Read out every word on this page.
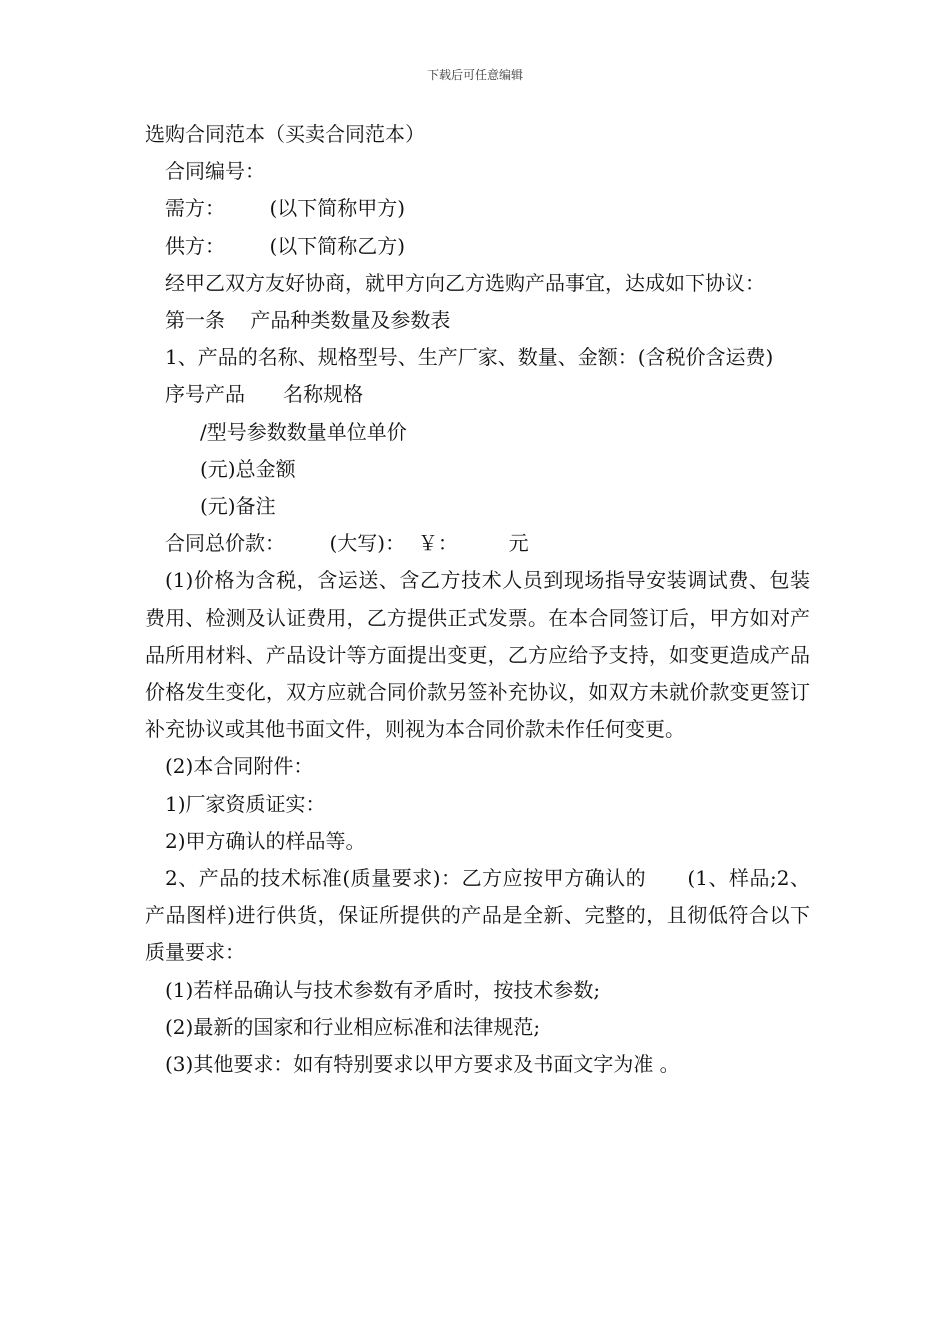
下载后可任意编辑

选购合同范本（买卖合同范本）

合同编号：

需方：       (以下简称甲方)

供方：       (以下简称乙方)

经甲乙双方友好协商，就甲方向乙方选购产品事宜，达成如下协议：

第一条    产品种类数量及参数表

1、产品的名称、规格型号、生产厂家、数量、金额：(含税价含运费)

序号产品      名称规格

/型号参数数量单位单价

(元)总金额

(元)备注

合同总价款：       (大写)：  ￥：        元

(1)价格为含税，含运送、含乙方技术人员到现场指导安装调试费、包装费用、检测及认证费用，乙方提供正式发票。在本合同签订后，甲方如对产品所用材料、产品设计等方面提出变更，乙方应给予支持，如变更造成产品价格发生变化，双方应就合同价款另签补充协议，如双方未就价款变更签订补充协议或其他书面文件，则视为本合同价款未作任何变更。

(2)本合同附件：

1)厂家资质证实：

2)甲方确认的样品等。

2、产品的技术标准(质量要求)：乙方应按甲方确认的      (1、样品;2、产品图样)进行供货，保证所提供的产品是全新、完整的，且彻低符合以下质量要求：

(1)若样品确认与技术参数有矛盾时，按技术参数;

(2)最新的国家和行业相应标准和法律规范;

(3)其他要求：如有特别要求以甲方要求及书面文字为准 。
